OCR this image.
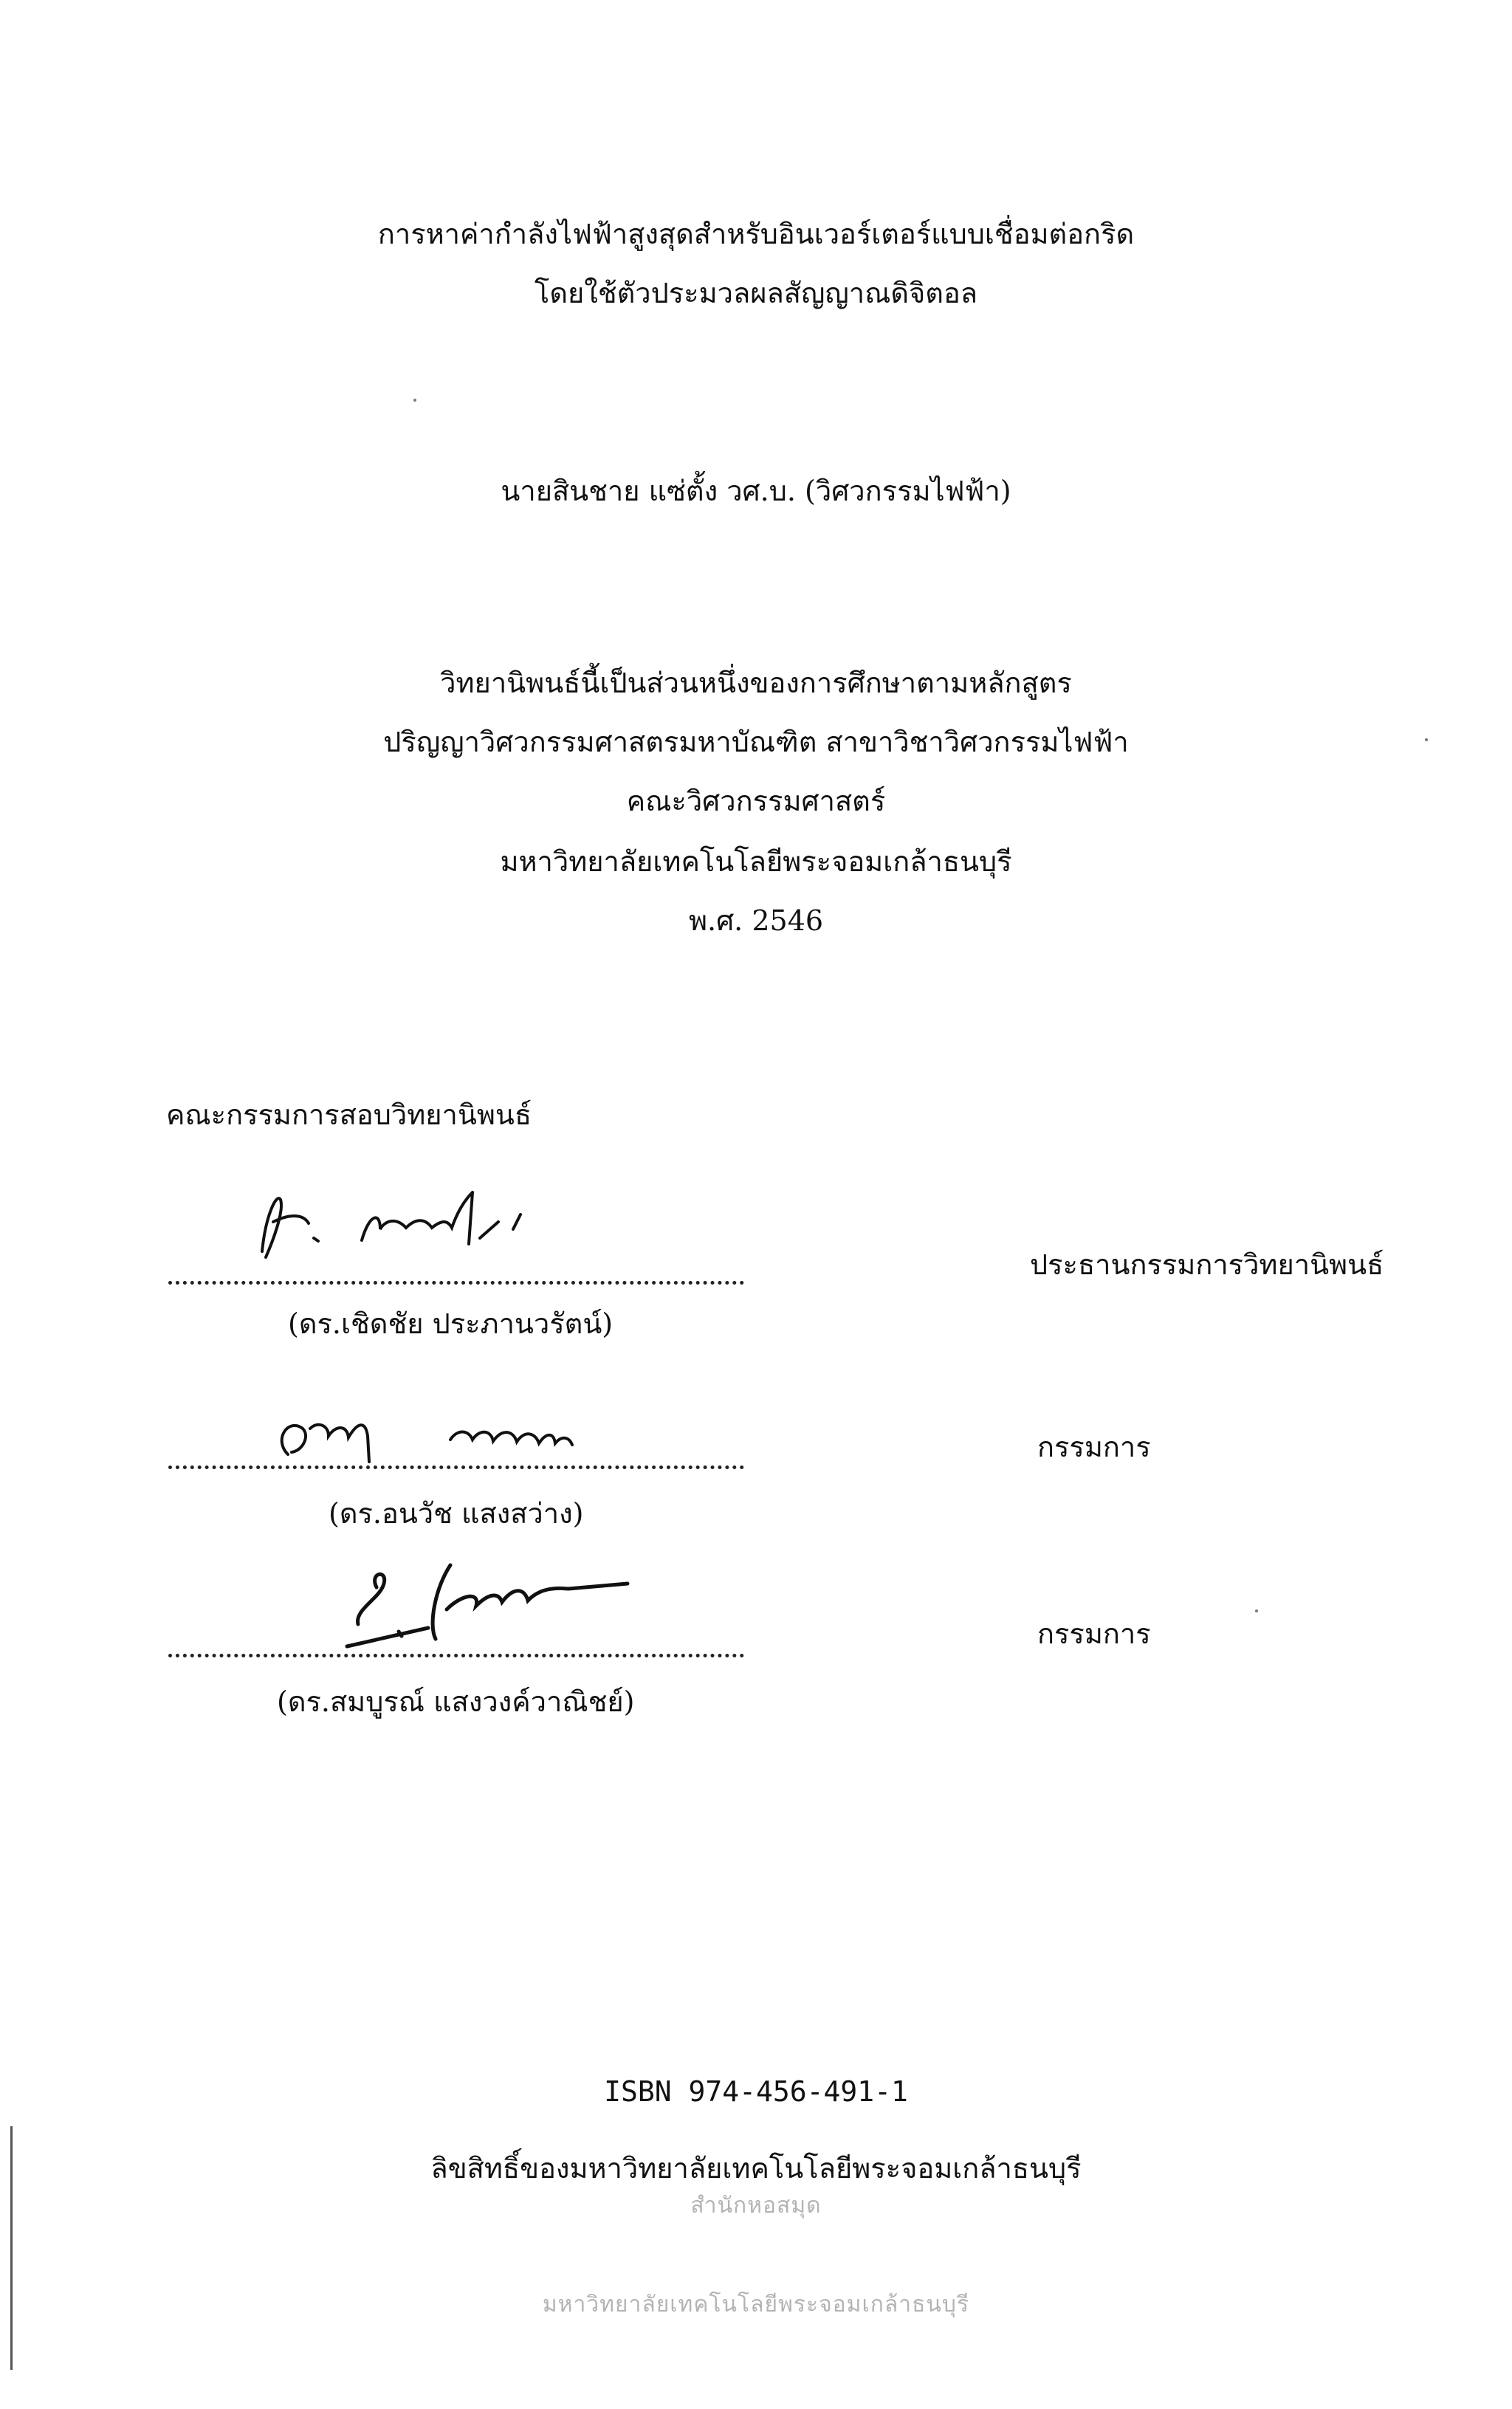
การหาค่ากำลังไฟฟ้าสูงสุดสำหรับอินเวอร์เตอร์แบบเชื่อมต่อกริด
โดยใช้ตัวประมวลผลสัญญาณดิจิตอล
นายสินชาย แซ่ตั้ง วศ.บ. (วิศวกรรมไฟฟ้า)
วิทยานิพนธ์นี้เป็นส่วนหนึ่งของการศึกษาตามหลักสูตร
ปริญญาวิศวกรรมศาสตรมหาบัณฑิต สาขาวิชาวิศวกรรมไฟฟ้า
คณะวิศวกรรมศาสตร์
มหาวิทยาลัยเทคโนโลยีพระจอมเกล้าธนบุรี
พ.ศ. 2546
คณะกรรมการสอบวิทยานิพนธ์
(ดร.เชิดชัย ประภานวรัตน์)
ประธานกรรมการวิทยานิพนธ์
(ดร.อนวัช แสงสว่าง)
กรรมการ
(ดร.สมบูรณ์ แสงวงค์วาณิชย์)
กรรมการ
ISBN 974-456-491-1
ลิขสิทธิ์ของมหาวิทยาลัยเทคโนโลยีพระจอมเกล้าธนบุรี
สำนักหอสมุด
มหาวิทยาลัยเทคโนโลยีพระจอมเกล้าธนบุรี
